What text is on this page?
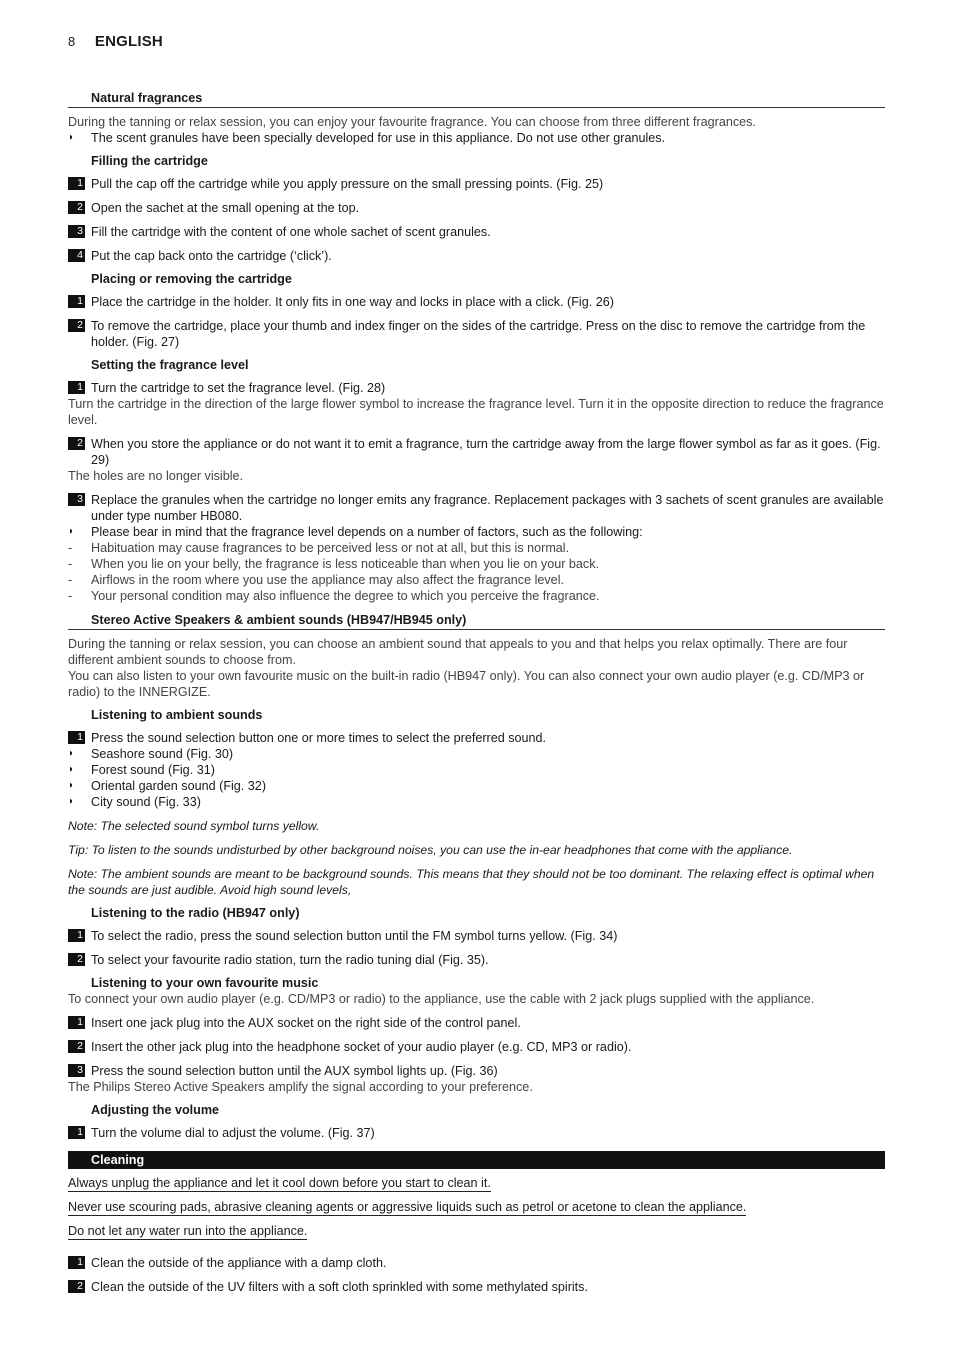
8 ENGLISH
Natural fragrances

During the tanning or relax session, you can enjoy your favourite fragrance. You can choose from three different fragrances.

◗ The scent granules have been specially developed for use in this appliance. Do not use other granules.

Filling the cartridge
1 Pull the cap off the cartridge while you apply pressure on the small pressing points. (Fig. 25)
2 Open the sachet at the small opening at the top.
3 Fill the cartridge with the content of one whole sachet of scent granules.
4 Put the cap back onto the cartridge (‘click’).
Placing or removing the cartridge
1 Place the cartridge in the holder. It only fits in one way and locks in place with a click. (Fig. 26)
2 To remove the cartridge, place your thumb and index finger on the sides of the cartridge. Press on the disc to remove the cartridge from the holder. (Fig. 27)
Setting the fragrance level
1 Turn the cartridge to set the fragrance level. (Fig. 28)

Turn the cartridge in the direction of the large flower symbol to increase the fragrance level. Turn it in the opposite direction to reduce the fragrance level.

2 When you store the appliance or do not want it to emit a fragrance, turn the cartridge away from the large flower symbol as far as it goes. (Fig. 29)

The holes are no longer visible.

3 Replace the granules when the cartridge no longer emits any fragrance. Replacement packages with 3 sachets of scent granules are available under type number HB080.

◗ Please bear in mind that the fragrance level depends on a number of factors, such as the following:

- Habituation may cause fragrances to be perceived less or not at all, but this is normal.

- When you lie on your belly, the fragrance is less noticeable than when you lie on your back.

- Airflows in the room where you use the appliance may also affect the fragrance level.

- Your personal condition may also influence the degree to which you perceive the fragrance.

Stereo Active Speakers & ambient sounds (HB947/HB945 only)

During the tanning or relax session, you can choose an ambient sound that appeals to you and that helps you relax optimally. There are four different ambient sounds to choose from.

You can also listen to your own favourite music on the built-in radio (HB947 only). You can also connect your own audio player (e.g. CD/MP3 or radio) to the INNERGIZE.

Listening to ambient sounds
1 Press the sound selection button one or more times to select the preferred sound.

◗ Seashore sound (Fig. 30)

◗ Forest sound (Fig. 31)

◗ Oriental garden sound (Fig. 32)

◗ City sound (Fig. 33)

Note: The selected sound symbol turns yellow.

Tip: To listen to the sounds undisturbed by other background noises, you can use the in-ear headphones that come with the appliance.

Note: The ambient sounds are meant to be background sounds. This means that they should not be too dominant. The relaxing effect is optimal when the sounds are just audible. Avoid high sound levels,

Listening to the radio (HB947 only)
1 To select the radio, press the sound selection button until the FM symbol turns yellow. (Fig. 34)
2 To select your favourite radio station, turn the radio tuning dial (Fig. 35).
Listening to your own favourite music

To connect your own audio player (e.g. CD/MP3 or radio) to the appliance, use the cable with 2 jack plugs supplied with the appliance.

1 Insert one jack plug into the AUX socket on the right side of the control panel.
2 Insert the other jack plug into the headphone socket of your audio player (e.g. CD, MP3 or radio).
3 Press the sound selection button until the AUX symbol lights up. (Fig. 36)

The Philips Stereo Active Speakers amplify the signal according to your preference.

Adjusting the volume
1 Turn the volume dial to adjust the volume. (Fig. 37)
Cleaning

Always unplug the appliance and let it cool down before you start to clean it.

Never use scouring pads, abrasive cleaning agents or aggressive liquids such as petrol or acetone to clean the appliance.

Do not let any water run into the appliance.

1 Clean the outside of the appliance with a damp cloth.
2 Clean the outside of the UV filters with a soft cloth sprinkled with some methylated spirits.
